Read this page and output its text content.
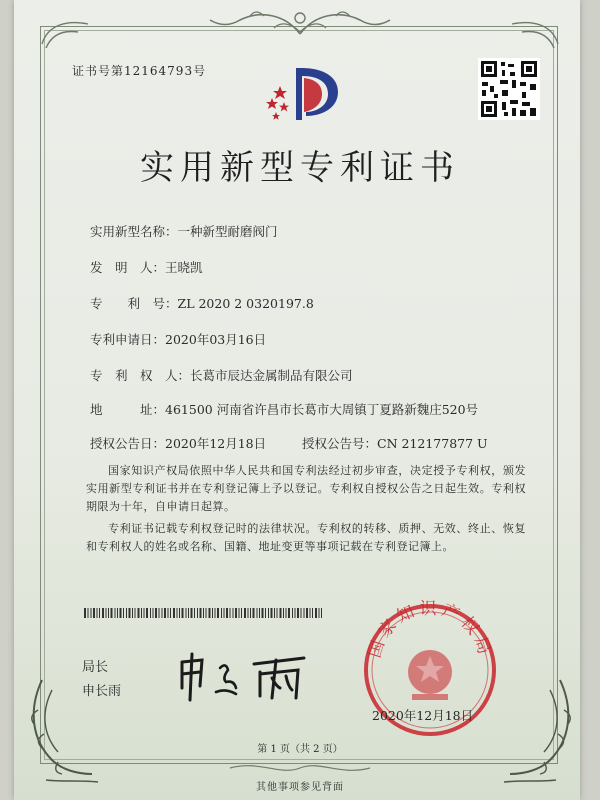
证书号第12164793号
实用新型专利证书
实用新型名称：一种新型耐磨阀门
发　明　人：王晓凯
专　　利　号：ZL 2020 2 0320197.8
专利申请日：2020年03月16日
专　利　权　人：长葛市辰达金属制品有限公司
地　　　址：461500 河南省许昌市长葛市大周镇丁夏路新魏庄520号
授权公告日：2020年12月18日	授权公告号：CN 212177877 U
国家知识产权局依照中华人民共和国专利法经过初步审查，决定授予专利权，颁发实用新型专利证书并在专利登记簿上予以登记。专利权自授权公告之日起生效。专利权期限为十年，自申请日起算。
专利证书记载专利权登记时的法律状况。专利权的转移、质押、无效、终止、恢复和专利权人的姓名或名称、国籍、地址变更等事项记载在专利登记簿上。
局长
申长雨
国家知识产权局
2020年12月18日
第 1 页（共 2 页）
其他事项参见背面
